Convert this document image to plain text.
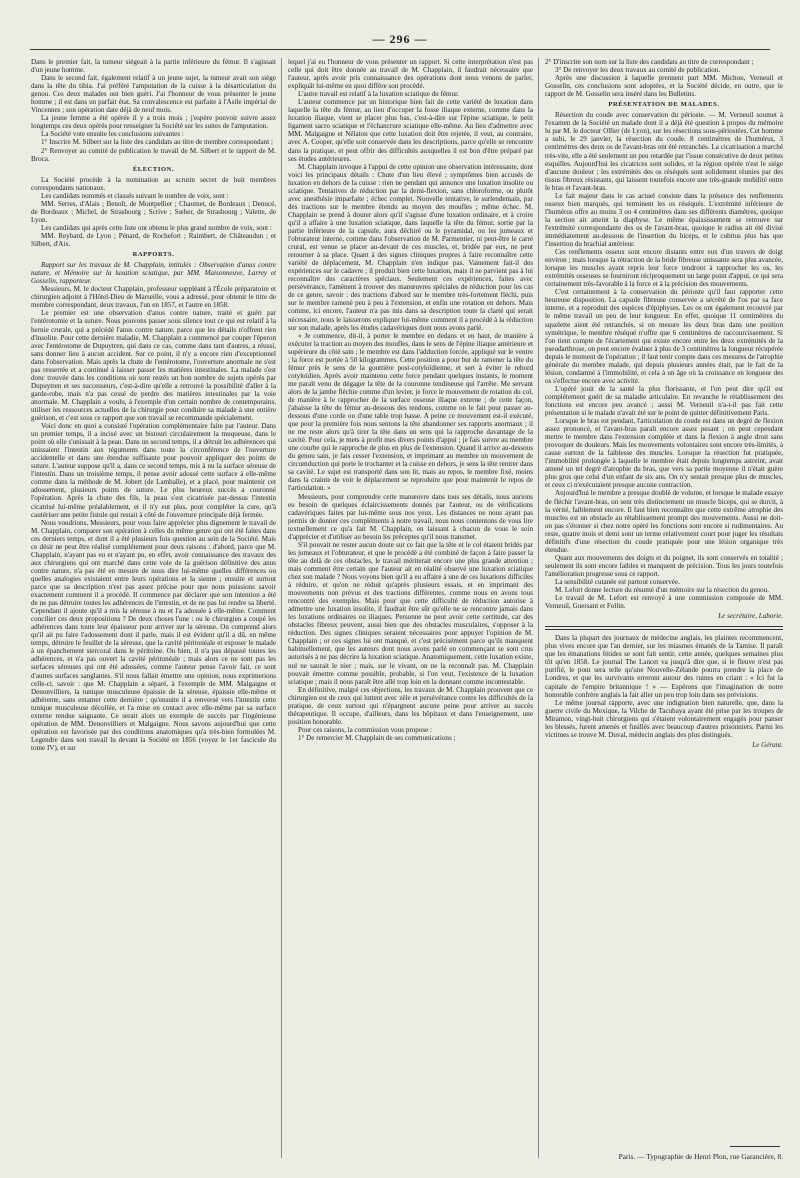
— 296 —

Dans le premier fait, la tumeur siégeait à la partie inférieure du fémur. Il s'agissait d'un jeune homme.

Dans le second fait, également relatif à un jeune sujet, la tumeur avait son siége dans la tête du tibia. J'ai préféré l'amputation de la cuisse à la désarticulation du genou. Ces deux malades ont bien guéri. J'ai l'honneur de vous présenter le jeune homme ; il est dans un parfait état. Sa convalescence est parfaite à l'Asile impérial de Vincennes ; son opération date déjà de neuf mois.

La jeune femme a été opérée il y a trois mois ; j'espère pouvoir suivre assez longtemps ces deux opérés pour renseigner la Société sur les suites de l'amputation.

La Société vote ensuite les conclusions suivantes :

1° Inscrire M. Silbert sur la liste des candidats au titre de membre correspondant ;

2° Renvoyer au comité de publication le travail de M. Silbert et le rapport de M. Broca.

ÉLECTION.

La Société procède à la nomination au scrutin secret de huit membres correspondants nationaux.

Les candidats nommés et classés suivant le nombre de voix, sont :

MM. Serres, d'Alais ; Benoît, de Montpellier ; Chaumet, de Bordeaux ; Denucé, de Bordeaux ; Michel, de Strasbourg ; Scrive ; Sœber, de Strasbourg ; Valette, de Lyon.

Les candidats qui après cette liste ont obtenu le plus grand nombre de voix, sont :

MM. Reybard, de Lyon ; Pénard, de Rochefort ; Raimbert, de Châteaudun ; et Silbert, d'Aix.

RAPPORTS.

Rapport sur les travaux de M. Chapplain, intitulés : Observation d'anus contre nature, et Mémoire sur la luxation sciatique, par MM. Maisonneuve, Larrey et Gosselin, rapporteur.

Messieurs, M. le docteur Chapplain, professeur suppléant à l'École préparatoire et chirurgien adjoint à l'Hôtel-Dieu de Marseille, vous a adressé, pour obtenir le titre de membre correspondant, deux travaux, l'un en 1857, et l'autre en 1858.

Le premier est une observation d'anus contre nature, traité et guéri par l'entérotomie et la suture. Nous pouvons passer sous silence tout ce qui est relatif à la hernie crurale, qui a précédé l'anus contre nature, parce que les détails n'offrent rien d'insolite. Pour cette dernière maladie, M. Chapplain a commencé par couper l'éperon avec l'entérotome de Dupuytren, qui dans ce cas, comme dans tant d'autres, a réussi, sans donner lieu à aucun accident. Sur ce point, il n'y a encore rien d'exceptionnel dans l'observation. Mais après la chute de l'entérotome, l'ouverture anormale ne s'est pas resserrée et a continué à laisser passer les matières intestinales. La malade s'est donc trouvée dans les conditions où sont restés un bon nombre de sujets opérés par Dupuytren et ses successeurs, c'est-à-dire qu'elle a retrouvé la possibilité d'aller à la garde-robe, mais n'a pas cessé de perdre des matières intestinales par la voie anormale. M. Chapplain a voulu, à l'exemple d'un certain nombre de contemporains, utiliser les ressources actuelles de la chirurgie pour conduire sa malade à une entière guérison, et c'est sous ce rapport que son travail se recommande spécialement.

Voici donc en quoi a consisté l'opération complémentaire faite par l'auteur. Dans un premier temps, il a incisé avec un bistouri circulairement la muqueuse, dans le point où elle s'unissait à la peau. Dans un second temps, il a détruit les adhérences qui unissaient l'intestin aux téguments dans toute la circonférence de l'ouverture accidentelle et dans une étendue suffisante pour pouvoir appliquer des points de suture. L'auteur suppose qu'il a, dans ce second temps, mis à nu la surface séreuse de l'intestin. Dans un troisième temps, il pense avoir adossé cette surface à elle-même comme dans la méthode de M. Jobert (de Lamballe), et a placé, pour maintenir cet adossement, plusieurs points de suture. Le plus heureux succès a couronné l'opération. Après la chute des fils, la peau s'est cicatrisée par-dessus l'intestin cicatrisé lui-même préalablement, et il n'y eut plus, pour compléter la cure, qu'à cautériser une petite fistule qui restait à côté de l'ouverture principale déjà fermée.

Nous voudrions, Messieurs, pour vous faire apprécier plus dignement le travail de M. Chapplain, comparer son opération à celles du même genre qui ont été faites dans ces derniers temps, et dont il a été plusieurs fois question au sein de la Société. Mais ce désir ne peut être réalisé complétement pour deux raisons : d'abord, parce que M. Chapplain, n'ayant pas eu et n'ayant pu, en effet, avoir connaissance des travaux des aux chirurgiens qui ont marché dans cette voie de la guérison définitive des anus contre nature, n'a pas été en mesure de nous dire lui-même quelles différences ou quelles analogies existaient entre leurs opérations et la sienne ; ensuite et surtout parce que sa description n'est pas assez précise pour que nous puissions savoir exactement comment il a procédé. Il commence par déclarer que son intention a été de ne pas détruire toutes les adhérences de l'intestin, et de ne pas lui rendre sa liberté. Cependant il ajoute qu'il a mis la séreuse à nu et l'a adossée à elle-même. Comment concilier ces deux propositions ? De deux choses l'une : ou le chirurgien a coupé les adhérences dans toute leur épaisseur pour arriver sur la séreuse. On comprend alors qu'il ait pu faire l'adossement dont il parle, mais il est évident qu'il a dû, en même temps, détruire le feuillet de la séreuse, que la cavité péritonéale et exposer le malade à un épanchement stercoral dans le péritoine. Ou bien, il n'a pas dépassé toutes les adhérences, et n'a pas ouvert la cavité péritonéale ; mais alors ce ne sont pas les surfaces séreuses qui ont été adossées, comme l'auteur pense l'avoir fait, ce sont d'autres surfaces sanglantes. S'il nous fallait émettre une opinion, nous exprimerions celle-ci, savoir : que M. Chapplain a séparé, à l'exemple de MM. Malgaigne et Denonvilliers, la tunique musculeuse épaissie de la séreuse, épaissie elle-même et adhérente, sans entamer cette dernière ; qu'ensuite il a renversé vers l'intestin cette tunique musculeuse décollée, et l'a mise en contact avec elle-même par sa surface externe rendue saignante. Ce serait alors un exemple de succès par l'ingénieuse opération de MM. Denonvilliers et Malgaigne. Nous savons aujourd'hui que cette opération est favorisée par des conditions anatomiques qu'a très-bien formulées M. Legendre dans son travail lu devant la Société en 1856 (voyez le 1er fascicule du tome IV), et sur

lequel j'ai eu l'honneur de vous présenter un rapport. Si cette interprétation n'est pas celle qui doit être donnée au travail de M. Chapplain, il faudrait nécessaire que l'auteur, après avoir pris connaissance des opérations dont nous venons de parler, expliquât lui-même en quoi diffère son procédé.

L'autre travail est relatif à la luxation sciatique du fémur.

L'auteur commence par un historique bien fait de cette variété de luxation dans laquelle la tête du fémur, au lieu d'occuper la fosse iliaque externe, comme dans la luxation iliaque, vient se placer plus bas, c'est-à-dire sur l'épine sciatique, le petit ligament sacro sciatique et l'échancrure sciatique elle-même. Au lieu d'admettre avec MM. Malgaigne et Nélaton que cette luxation doit être rejetée, il veut, au contraire, avec A. Cooper, qu'elle soit conservée dans les descriptions, parce qu'elle se rencontre dans la pratique, et peut offrir des difficultés auxquelles il est bon d'être préparé par ses études antérieures.

M. Chapplain invoque à l'appui de cette opinion une observation intéressante, dont voici les principaux détails : Chute d'un lieu élevé ; symptômes bien accusés de luxation en dehors de la cuisse : rien ne pendant qui annonce une luxation insolite ou sciatique. Tentatives de réduction par la demi-flexion, sans chloroforme, ou plutôt avec anesthésie imparfaite ; échec complet. Nouvelle tentative, le surlendemain, par des tractions sur le membre étendu au moyen des moufles ; même échec. M. Chapplain se prend à douter alors qu'il s'agisse d'une luxation ordinaire, et à croire qu'il a affaire à une luxation sciatique, dans laquelle la tête du fémur, sortie par la partie inférieure de la capsule, aura déchiré ou le pyramidal, ou les jumeaux et l'obturateur interne, comme dans l'observation de M. Parmentier, ni peut-être le carré crural, est venue se placer au-devant de ces muscles, et, bridée par eux, ne peut retourner à sa place. Quant à des signes cliniques propres à faire reconnaître cette variété de déplacement, M. Chapplain n'en indique pas. Vainement fait-il des expériences sur le cadavre ; il produit bien cette luxation, mais il ne parvient pas à lui reconnaître des caractères spéciaux. Seulement ces expériences, faites avec persévérance, l'amènent à trouver des manœuvres spéciales de réduction pour les cas de ce genre, savoir : des tractions d'abord sur le membre très-fortement fléchi, puis sur le membre ramené peu à peu à l'extension, et enfin une rotation en dehors. Mais comme, ici encore, l'auteur n'a pas mis dans sa description toute la clarté qui serait nécessaire, nous le laisserons expliquer lui-même comment il a procédé à la réduction sur son malade, après les études cadavériques dont nous avons parlé.

« Je commence, dit-il, à porter le membre en dedans et en haut, de manière à exécuter la traction au moyen des moufles, dans le sens de l'épine iliaque antérieure et supérieure du côté sain ; le membre est dans l'adduction forcée, appliqué sur le ventre ; la force est portée à 50 kilogrammes. Cette position a pour but de ramener la tête du fémur près le sens de la gouttière post-cotyloïdienne, et sert à éviter le rebord cotyloïdien. Après avoir maintenu cette force pendant quelques instants, le moment me paraît venu de dégager la tête de la couronne tendineuse qui l'arrête. Me servant alors de la jambe fléchie comme d'un levier, je force le mouvement de rotation du col, de manière à le rapprocher de la surface osseuse iliaque externe ; de cette façon, j'abaisse la tête du fémur au-dessous des tendons, comme on le fait pour passer au-dessous d'une corde ou d'une table trop basse. A peine ce mouvement est-il exécuté, que pour la première fois nous sentons la tête abandonner ses rapports anormaux ; il ne me reste alors qu'à tirer la tête dans un sens qui la rapproche davantage de la cavité. Pour cela, je mets à profit mes divers points d'appui ; je fais suivre au membre une courbe qui le rapproche de plus en plus de l'extension. Quand il arrive au-dessous du genou sain, je fais cesser l'extension, et imprimant au membre un mouvement de circumduction qui porte le trochanter et la cuisse en dehors, je sens la tête rentrer dans sa cavité. Le sujet est transporté dans son lit, mais au repos, le membre fixé, moins dans la crainte de voir le déplacement se reproduire que pour maintenir le repos de l'articulation. »

Messieurs, pour comprendre cette manœuvre dans tous ses détails, nous aurions eu besoin de quelques éclaircissements donnés par l'auteur, ou de vérifications cadavériques faites par lui-même sous nos yeux. Les distances ne nous ayant pas permis de donner ces compléments à notre travail, nous nous contentons de vous lire textuellement ce qu'a fait M. Chapplain, en laissant à chacun de vous le soin d'apprécier et d'utiliser au besoin les préceptes qu'il nous transmet.

S'il pouvait ne rester aucun doute sur ce fait que la tête et le col étaient bridés par les jumeaux et l'obturateur, et que le procédé a été combiné de façon à faire passer la tête au delà de ces obstacles, le travail mériterait encore une plus grande attention ; mais comment être certain que l'auteur ait en réalité observé une luxation sciatique chez son malade ? Nous voyons bien qu'il a eu affaire à une de ces luxations difficiles à réduire, et qu'on ne réduit qu'après plusieurs essais, et en imprimant des mouvements non prévus et des tractions différentes, comme nous en avons tous rencontré des exemples. Mais pour que cette difficulté de réduction autorise à admettre une luxation insolite, il faudrait être sûr qu'elle ne se rencontre jamais dans les luxations ordinaires ou iliaques. Personne ne peut avoir cette certitude, car des obstacles fibreux peuvent, aussi bien que des obstacles musculaires, s'opposer à la réduction. Des signes cliniques seraient nécessaires pour appuyer l'opinion de M. Chapplain ; or ces signes lui ont manqué, et c'est précisément parce qu'ils manquent habituellement, que les auteurs dont nous avons parlé en commençant se sont crus autorisés à ne pas décrire la luxation sciatique. Anatomiquement, cette luxation existe, nul ne saurait le nier ; mais, sur le vivant, on ne la reconnaît pas. M. Chapplain pouvait émettre comme possible, probable, si l'on veut, l'existence de la luxation sciatique ; mais il nous paraît être allé trop loin en la donnant comme incontestable.

En définitive, malgré ces objections, les travaux de M. Chapplain prouvent que ce chirurgien est de ceux qui luttent avec zèle et persévérance contre les difficultés de la pratique, de ceux surtout qui n'épargnent aucune peine pour arriver au succès thérapeutique. Il occupe, d'ailleurs, dans les hôpitaux et dans l'enseignement, une position honorable.

Pour ces raisons, la commission vous propose :

1° De remercier M. Chapplain de ses communications ;

2° D'inscrire son nom sur la liste des candidats au titre de correspondant ;

3° De renvoyer les deux travaux au comité de publication.

Après une discussion à laquelle prennent part MM. Michon, Verneuil et Gosselin, ces conclusions sont adoptées, et la Société décide, en outre, que le rapport de M. Gosselin sera inséré dans les Bulletins.

PRÉSENTATION DE MALADES.

Résection du coude avec conservation du périoste. — M. Verneuil soumet à l'examen de la Société un malade dont il a déjà été question à propos du mémoire lu par M. le docteur Ollier (de Lyon), sur les résections sous-périostées. Cet homme a subi, le 29 janvier, la résection du coude. 8 centimètres de l'humérus, 3 centimètres des deux os de l'avant-bras ont été retranchés. La cicatrisation a marché très-vite, elle a été seulement un peu retardée par l'issue consécutive de deux petites esquilles. Aujourd'hui les cicatrices sont solides, et la région opérée n'est le siége d'aucune douleur ; les extrémités des os réséqués sont solidement réunies par des tissus fibreux résistants, qui laissent toutefois encore une très-grande mobilité entre le bras et l'avant-bras.

Le fait majeur dans le cas actuel consiste dans la présence des renflements osseux bien marqués, qui terminent les os réséqués. L'extrémité inférieure de l'humérus offre au moins 3 ou 4 centimètres dans ses différents diamètres, quoique la section ait atteint la diaphyse. Le même épaississement se retrouve sur l'extrémité correspondante des os de l'avant-bras, quoique le radius ait été divisé immédiatement au-dessous de l'insertion du biceps, et le cubitus plus bas que l'insertion du brachial antérieur.

Ces renflements osseux sont encore distants entre eux d'un travers de doigt environ ; mais lorsque la rétraction de la bride fibreuse unissante sera plus avancée, lorsque les muscles ayant repris leur force tendront à rapprocher les os, les extrémités osseuses se fourniront réciproquement un large point d'appui, ce qui sera certainement très-favorable à la force et à la précision des mouvements.

C'est certainement à la conservation du périoste qu'il faut rapporter cette heureuse disposition. La capsule fibreuse conservée a sécrété de l'os par sa face interne, et a reproduit des espèces d'épiphyses. Les os ont également recouvré par le même travail un peu de leur longueur. En effet, quoique 11 centimètres du squelette aient été retranchés, si on mesure les deux bras dans une position symétrique, le membre réséqué n'offre que 6 centimètres de raccourcissement. Si l'on tient compte de l'écartement qui existe encore entre les deux extrémités de la pseudarthrose, on peut encore évaluer à plus de 3 centimètres la longueur récupérée depuis le moment de l'opération ; il faut tenir compte dans ces mesures de l'atrophie générale du membre malade, qui depuis plusieurs années était, par le fait de la lésion, condamné à l'immobilité, et cela à un âge où la croissance en longueur des os s'effectue encore avec activité.

L'opéré jouit de la santé la plus florissante, et l'on peut dire qu'il est complétement guéri de sa maladie articulaire. En revanche le rétablissement des fonctions est encore peu avancé ; aussi M. Verneuil n'a-t-il pas fait cette présentation si le malade n'avait été sur le point de quitter définitivement Paris.

Lorsque le bras est pendant, l'articulation du coude est dans un degré de flexion assez prononcé, et l'avant-bras paraît encore assez pesant ; on peut cependant mettre le membre dans l'extension complète et dans la flexion à angle droit sans provoquer de douleurs. Mais les mouvements volontaires sont encore très-limités, à cause surtout de la faiblesse des muscles. Lorsque la résection fut pratiquée, l'immobilité prolongée à laquelle le membre était depuis longtemps astreint, avait amené un tel degré d'atrophie du bras, que vers sa partie moyenne il n'était guère plus gros que celui d'un enfant de six ans. On n'y sentait presque plus de muscles, et ceux ci n'exécutaient presque aucune contraction.

Aujourd'hui le membre a presque doublé de volume, et lorsque le malade essaye de fléchir l'avant-bras, on sent très distinctement un muscle biceps, qui se durcit, à la vérité, faiblement encore. Il faut bien reconnaître que cette extrême atrophie des muscles est un obstacle au rétablissement prompt des mouvements. Aussi ne doit-on pas s'étonner si chez notre opéré les fonctions sont encore si rudimentaires. Au reste, quatre mois et demi sont un terme relativement court pour juger les résultats définitifs d'une résection du coude pratiquée pour une lésion organique très étendue.

Quant aux mouvements des doigts et du poignet, ils sont conservés en totalité ; seulement ils sont encore faibles et manquent de précision. Tous les jours toutefois l'amélioration progresse sous ce rapport.

La sensibilité cutanée est partout conservée.

M. Lefort donne lecture du résumé d'un mémoire sur la résection du genou.

Le travail de M. Lefort est renvoyé à une commission composée de MM. Verneuil, Guersant et Follin.

Le secrétaire, Laborie.

Dans la plupart des journaux de médecine anglais, les plaintes recommencent, plus vives encore que l'an dernier, sur les miasmes émanés de la Tamise. Il paraît que les émanations fétides se sont fait sentir, cette année, quelques semaines plus tôt qu'en 1858. Le journal The Lancet va jusqu'à dire que, si le fleuve n'est pas purifié, le pont sera telle qu'une Nouvelle-Zélande pourra prendre la place de Londres, et que les survivants erreront autour des ruines en criant : « Ici fut la capitale de l'empire britannique ! » — Espérons que l'imagination de notre honorable confrère anglais la fait aller un peu trop loin dans ses prévisions.

Le même journal rapporte, avec une indignation bien naturelle, que, dans la guerre civile du Mexique, la Vilche de Tacubaya ayant été prise par les troupes de Miramon, vingt-huit chirurgiens qui s'étaient volontairement engagés pour panser les blessés, furent amenés et fusillés avec beaucoup d'autres prisonniers. Parmi les victimes se trouve M. Duval, médecin anglais des plus distingués.

Le Gérant.

Paris. — Typographie de Henri Plon, rue Garancière, 8.
